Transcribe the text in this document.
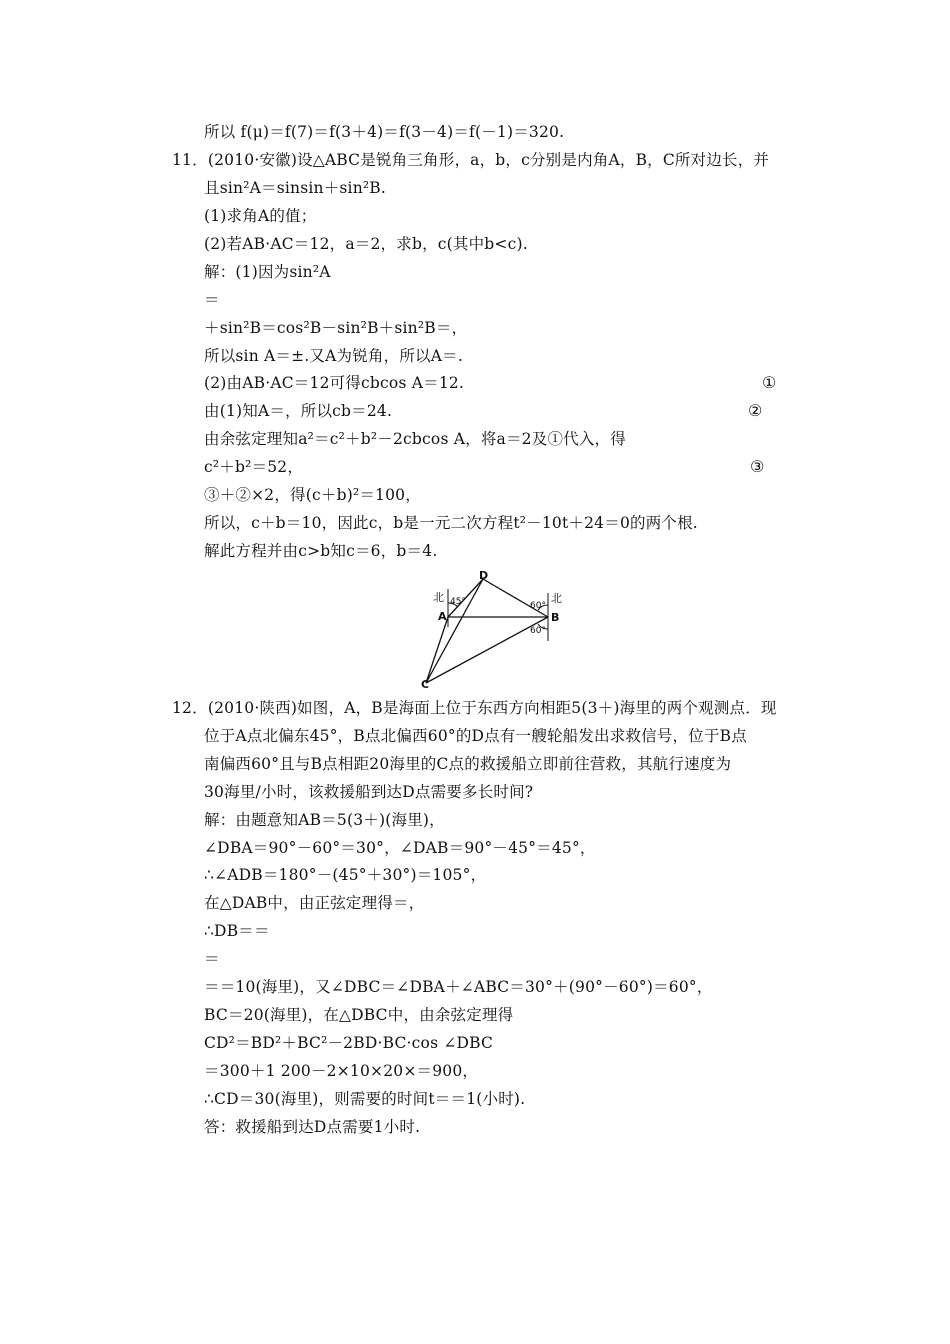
所以 f(μ)＝f(7)＝f(3＋4)＝f(3－4)＝f(－1)＝320.
11．(2010·安徽)设△ABC是锐角三角形，a，b，c分别是内角A，B，C所对边长，并
且sin²A＝sinsin＋sin²B.
(1)求角A的值；
(2)若AB·AC＝12，a＝2，求b，c(其中b<c).
解：(1)因为sin²A
＝
＋sin²B＝cos²B－sin²B＋sin²B＝，
所以sin A＝±.又A为锐角，所以A＝.
(2)由AB·AC＝12可得cbcos A＝12.
由(1)知A＝，所以cb＝24.
由余弦定理知a²＝c²＋b²－2cbcos A，将a＝2及①代入，得
c²＋b²＝52，
③＋②×2，得(c＋b)²＝100，
所以，c＋b＝10，因此c，b是一元二次方程t²－10t＋24＝0的两个根.
解此方程并由c>b知c＝6，b＝4.
①
②
③
D
A	B
C
北	北
45°	60°
60°
12．(2010·陕西)如图，A，B是海面上位于东西方向相距5(3＋)海里的两个观测点．现
位于A点北偏东45°，B点北偏西60°的D点有一艘轮船发出求救信号，位于B点
南偏西60°且与B点相距20海里的C点的救援船立即前往营救，其航行速度为
30海里/小时，该救援船到达D点需要多长时间?
解：由题意知AB＝5(3＋)(海里)，
∠DBA＝90°－60°＝30°，∠DAB＝90°－45°＝45°，
∴∠ADB＝180°－(45°＋30°)＝105°，
在△DAB中，由正弦定理得＝，
∴DB＝＝
＝
＝＝10(海里)，又∠DBC＝∠DBA＋∠ABC＝30°＋(90°－60°)＝60°，
BC＝20(海里)，在△DBC中，由余弦定理得
CD²＝BD²＋BC²－2BD·BC·cos ∠DBC
＝300＋1 200－2×10×20×＝900，
∴CD＝30(海里)，则需要的时间t＝＝1(小时).
答：救援船到达D点需要1小时.
